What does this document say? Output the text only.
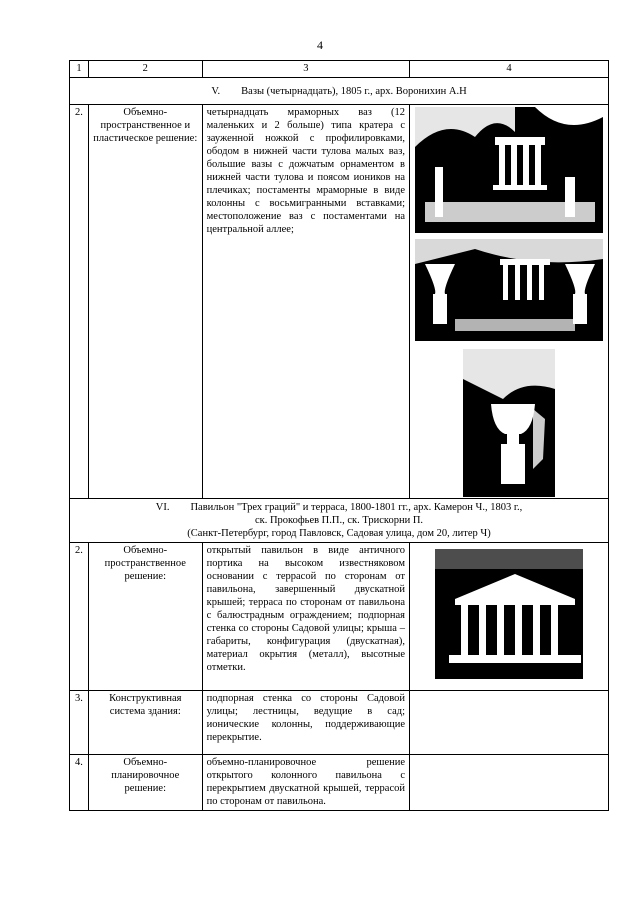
4
1	2	3	4
V.        Вазы (четырнадцать), 1805 г., арх. Воронихин А.Н			
2.	Объемно-пространственное и пластическое решение:	четырнадцать мраморных ваз (12 маленьких и 2 больше) типа кратера с зауженной ножкой с профилировками, ободом в нижней части тулова малых ваз, большие вазы с дожчатым орнаментом в нижней части тулова и поясом иоников на плечиках; постаменты мраморные в виде колонны с восьмигранными вставками; местоположение ваз с постаментами на центральной аллее;	

VI.        Павильон "Трех граций" и терраса, 1800-1801 гг., арх. Камерон Ч., 1803 г.,
ск. Прокофьев П.П., ск. Трискорни П.
(Санкт-Петербург, город Павловск, Садовая улица, дом 20, литер Ч)			

2.	Объемно-пространственное решение:	открытый павильон в виде античного портика на высоком известняковом основании с террасой по сторонам от павильона, завершенный двускатной крышей; терраса по сторонам от павильона с балюстрадным ограждением; подпорная стенка со стороны Садовой улицы; крыша – габариты, конфигурация (двускатная), материал окрытия (металл), высотные отметки.	

3.	Конструктивная система здания:	подпорная стенка со стороны Садовой улицы; лестницы, ведущие в сад; ионические колонны, поддерживающие перекрытие.	
4.	Объемно-планировочное решение:	объемно-планировочное решение открытого колонного павильона с перекрытием двускатной крышей, террасой по сторонам от павильона.	
